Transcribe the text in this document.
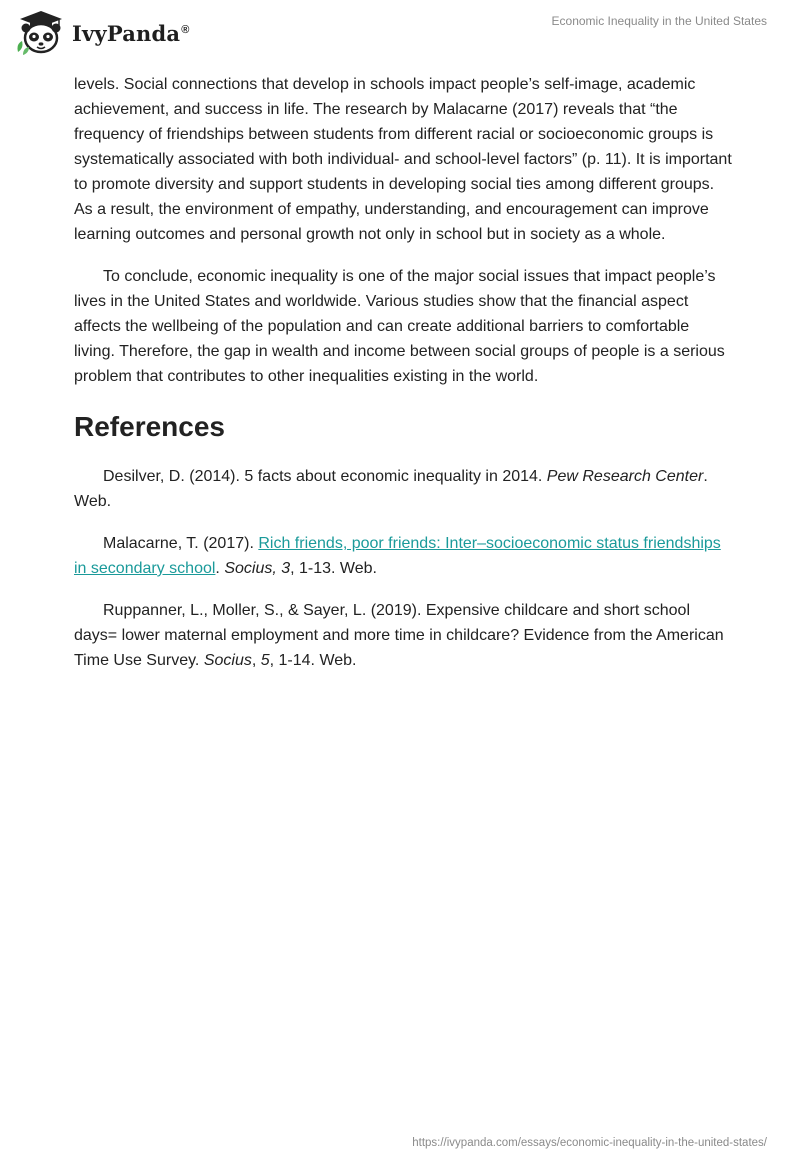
IvyPanda®
Economic Inequality in the United States

levels. Social connections that develop in schools impact people’s self-image, academic achievement, and success in life. The research by Malacarne (2017) reveals that “the frequency of friendships between students from different racial or socioeconomic groups is systematically associated with both individual- and school-level factors” (p. 11). It is important to promote diversity and support students in developing social ties among different groups. As a result, the environment of empathy, understanding, and encouragement can improve learning outcomes and personal growth not only in school but in society as a whole.

To conclude, economic inequality is one of the major social issues that impact people’s lives in the United States and worldwide. Various studies show that the financial aspect affects the wellbeing of the population and can create additional barriers to comfortable living. Therefore, the gap in wealth and income between social groups of people is a serious problem that contributes to other inequalities existing in the world.

References

Desilver, D. (2014). 5 facts about economic inequality in 2014. Pew Research Center. Web.

Malacarne, T. (2017). Rich friends, poor friends: Inter–socioeconomic status friendships in secondary school. Socius, 3, 1-13. Web.

Ruppanner, L., Moller, S., & Sayer, L. (2019). Expensive childcare and short school days= lower maternal employment and more time in childcare? Evidence from the American Time Use Survey. Socius, 5, 1-14. Web.

https://ivypanda.com/essays/economic-inequality-in-the-united-states/
